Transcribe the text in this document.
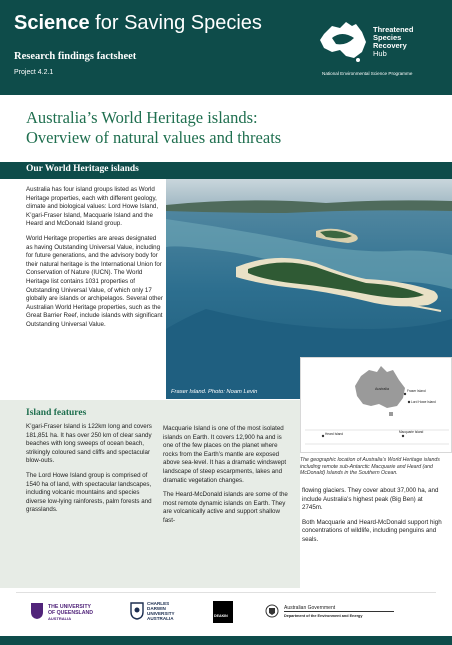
Science for Saving Species
Research findings factsheet
Project 4.2.1
Threatened
Species
Recovery
Hub
National Environmental Science Programme
Australia’s World Heritage islands:
Overview of natural values and threats
Our World Heritage islands

Australia has four island groups listed as World Heritage properties, each with different geology, climate and biological values: Lord Howe Island, K’gari-Fraser Island, Macquarie Island and the Heard and McDonald Island group.

World Heritage properties are areas designated as having Outstanding Universal Value, including for future generations, and the advisory body for their natural heritage is the International Union for Conservation of Nature (IUCN). The World Heritage list contains 1031 properties of Outstanding Universal Value, of which only 17 globally are islands or archipelagos. Several other Australian World Heritage properties, such as the Great Barrier Reef, include islands with significant Outstanding Universal Value.

Fraser Island. Photo: Noam Levin	Australia	Fraser Island
Lord Howe Island
Heard Island	Macquarie Island
The geographic location of Australia’s World Heritage islands including remote sub-Antarctic Macquarie and Heard (and McDonald) Islands in the Southern Ocean.
Island features

K’gari-Fraser Island is 122km long and covers 181,851 ha. It has over 250 km of clear sandy beaches with long sweeps of ocean beach, strikingly coloured sand cliffs and spectacular blow-outs.

The Lord Howe Island group is comprised of 1540 ha of land, with spectacular landscapes, including volcanic mountains and species diverse low-lying rainforests, palm forests and grasslands.

Macquarie Island is one of the most isolated islands on Earth. It covers 12,900 ha and is one of the few places on the planet where rocks from the Earth’s mantle are exposed above sea-level. It has a dramatic windswept landscape of steep escarpments, lakes and dramatic vegetation changes.

The Heard-McDonald islands are some of the most remote dynamic islands on Earth. They are volcanically active and support shallow fast-

flowing glaciers. They cover about 37,000 ha, and include Australia’s highest peak (Big Ben) at 2745m.

Both Macquarie and Heard-McDonald support high concentrations of wildlife, including penguins and seals.

THE UNIVERSITY
OF QUEENSLAND
AUSTRALIA
CHARLES
DARWIN
UNIVERSITY
AUSTRALIA	DEAKIN
Australian Government
Department of the Environment and Energy
